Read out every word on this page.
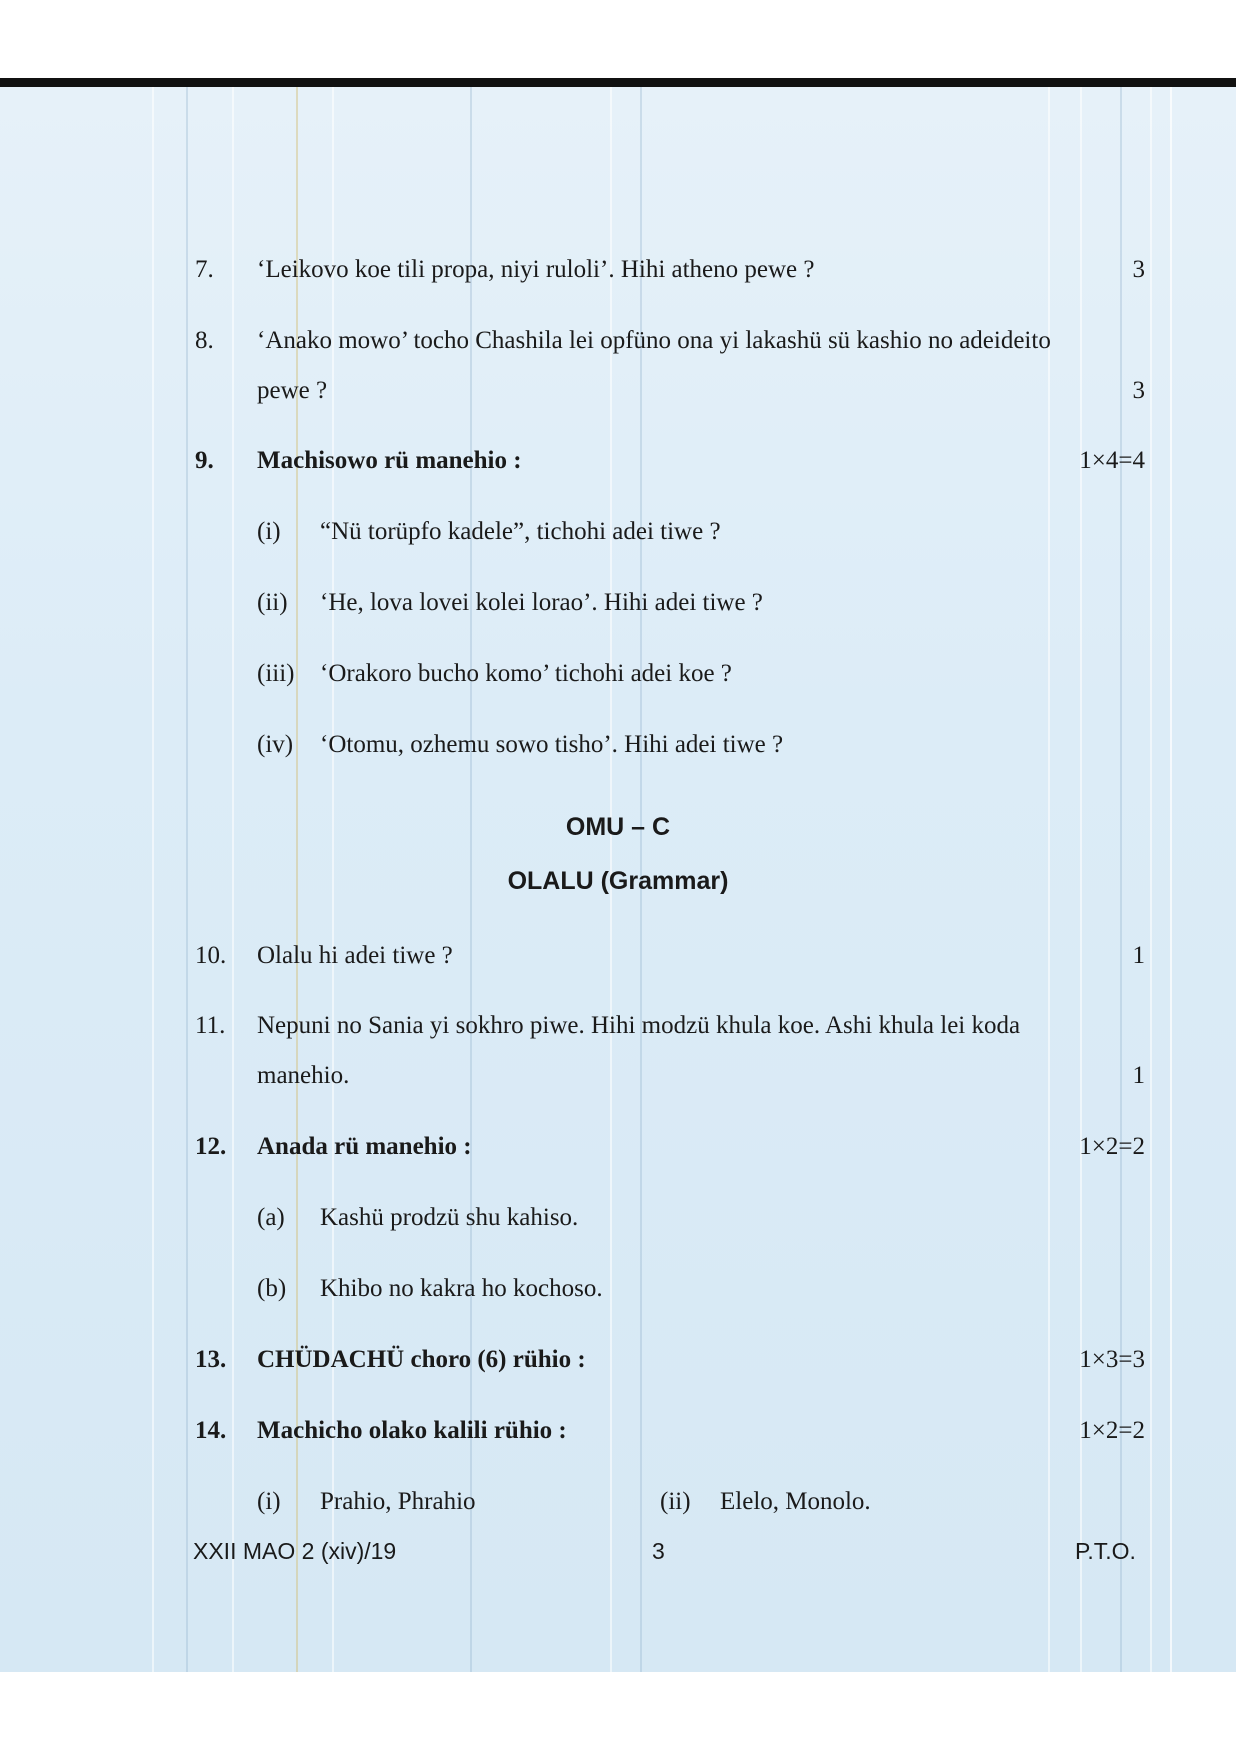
7.	‘Leikovo koe tili propa, niyi ruloli’. Hihi atheno pewe ?	3
8.	‘Anako mowo’ tocho Chashila lei opfüno ona yi lakashü sü kashio no adeideito
pewe ?	3
9.	Machisowo rü manehio :	1×4=4
(i) “Nü torüpfo kadele”, tichohi adei tiwe ?
(ii) ‘He, lova lovei kolei lorao’. Hihi adei tiwe ?
(iii) ‘Orakoro bucho komo’ tichohi adei koe ?
(iv) ‘Otomu, ozhemu sowo tisho’. Hihi adei tiwe ?
OMU – C
OLALU (Grammar)
10.	Olalu hi adei tiwe ?	1
11.	Nepuni no Sania yi sokhro piwe. Hihi modzü khula koe. Ashi khula lei koda
manehio.	1
12.	Anada rü manehio :	1×2=2
(a) Kashü prodzü shu kahiso.
(b) Khibo no kakra ho kochoso.
13.	CHÜDACHÜ choro (6) rühio :	1×3=3
14.	Machicho olako kalili rühio :	1×2=2
(i) Prahio, Phrahio	(ii) Elelo, Monolo.
XXII MAO 2 (xiv)/19	3	P.T.O.
